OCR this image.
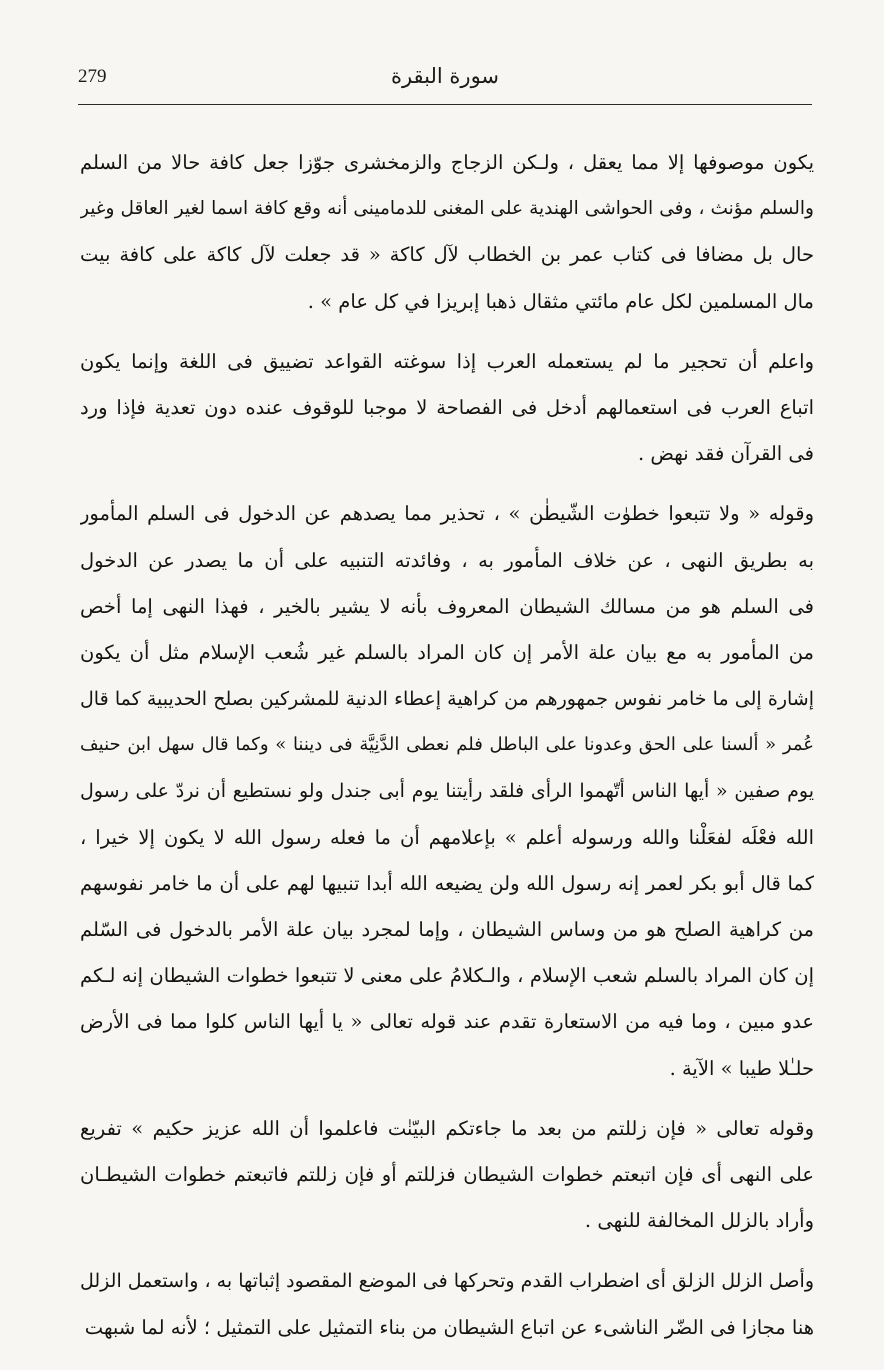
279	سورة البقرة
يكون موصوفها إلا مما يعقل ، ولـكن الزجاج والزمخشرى جوّزا جعل كافة حالا من السلم
والسلم مؤنث ، وفى الحواشى الهندية على المغنى للدمامينى أنه وقع كافة اسما لغير العاقل وغير
حال بل مضافا فى كتاب عمر بن الخطاب لآل كاكة « قد جعلت لآل كاكة على كافة بيت
مال المسلمين لكل عام مائتي مثقال ذهبا إبريزا في كل عام » .
واعلم أن تحجير ما لم يستعمله العرب إذا سوغته القواعد تضييق فى اللغة وإنما يكون
اتباع العرب فى استعمالهم أدخل فى الفصاحة لا موجبا للوقوف عنده دون تعدية فإذا ورد
فى القرآن فقد نهض .
وقوله « ولا تتبعوا خطوٰت الشّيطٰن » ، تحذير مما يصدهم عن الدخول فى السلم المأمور
به بطريق النهى ، عن خلاف المأمور به ، وفائدته التنبيه على أن ما يصدر عن الدخول
فى السلم هو من مسالك الشيطان المعروف بأنه لا يشير بالخير ، فهذا النهى إما أخص
من المأمور به مع بيان علة الأمر إن كان المراد بالسلم غير شُعب الإسلام مثل أن يكون
إشارة إلى ما خامر نفوس جمهورهم من كراهية إعطاء الدنية للمشركين بصلح الحديبية كما قال
عُمر « ألسنا على الحق وعدونا على الباطل فلم نعطى الدَّنِيَّة فى ديننا » وكما قال سهل ابن حنيف
يوم صفين « أيها الناس أتّهموا الرأى فلقد رأيتنا يوم أبى جندل ولو نستطيع أن نردّ على رسول
الله فعْلَه لفعَلْنا والله ورسوله أعلم » بإعلامهم أن ما فعله رسول الله لا يكون إلا خيرا ،
كما قال أبو بكر لعمر إنه رسول الله ولن يضيعه الله أبدا تنبيها لهم على أن ما خامر نفوسهم
من كراهية الصلح هو من وساس الشيطان ، وإما لمجرد بيان علة الأمر بالدخول فى السّلم
إن كان المراد بالسلم شعب الإسلام ، والـكلامُ على معنى لا تتبعوا خطوات الشيطان إنه لـكم
عدو مبين ، وما فيه من الاستعارة تقدم عند قوله تعالى « يا أيها الناس كلوا مما فى الأرض
حلـٰلا طيبا » الآية .
وقوله تعالى « فإن زللتم من بعد ما جاءتكم البيّنٰت فاعلموا أن الله عزيز حكيم » تفريع
على النهى أى فإن اتبعتم خطوات الشيطان فزللتم أو فإن زللتم فاتبعتم خطوات الشيطـان
وأراد بالزلل المخالفة للنهى .
وأصل الزلل الزلق أى اضطراب القدم وتحركها فى الموضع المقصود إثباتها به ، واستعمل الزلل
هنا مجازا فى الضّر الناشىء عن اتباع الشيطان من بناء التمثيل على التمثيل ؛ لأنه لما شبهت
